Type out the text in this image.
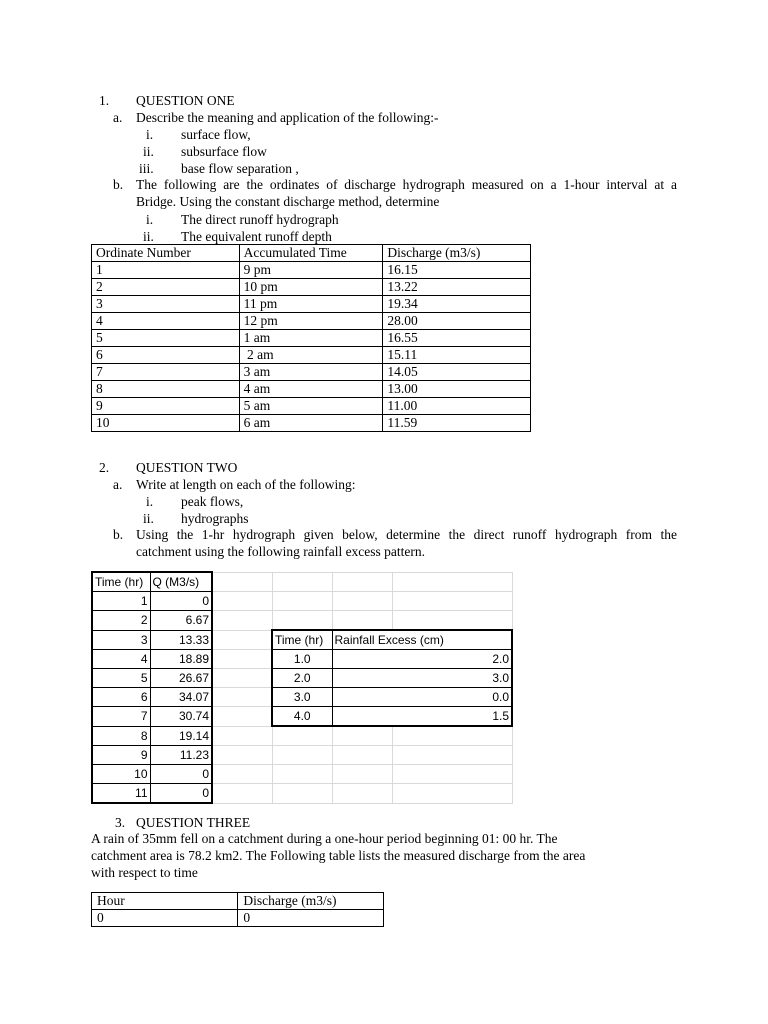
1. QUESTION ONE
a. Describe the meaning and application of the following:-
i. surface flow,
ii. subsurface flow
iii. base flow separation ,
b. The following are the ordinates of discharge hydrograph measured on a 1-hour interval at a
Bridge. Using the constant discharge method, determine
i. The direct runoff hydrograph
ii. The equivalent runoff depth
Ordinate Number	Accumulated Time	Discharge (m3/s)
1	9 pm	16.15
2	10 pm	13.22
3	11 pm	19.34
4	12 pm	28.00
5	1 am	16.55
6	2 am	15.11
7	3 am	14.05
8	4 am	13.00
9	5 am	11.00
10	6 am	11.59
2. QUESTION TWO
a. Write at length on each of the following:
i. peak flows,
ii. hydrographs
b. Using the 1-hr hydrograph given below, determine the direct runoff hydrograph from the
catchment using the following rainfall excess pattern.
Time (hr)	Q (M3/s)				
1	0				
2	6.67				
3	13.33		Time (hr)	Rainfall Excess (cm)	
4	18.89		1.0	2.0	
5	26.67		2.0	3.0	
6	34.07		3.0	0.0	
7	30.74		4.0	1.5	
8	19.14				
9	11.23				
10	0				
11	0				
3. QUESTION THREE
A rain of 35mm fell on a catchment during a one-hour period beginning 01: 00 hr. The
catchment area is 78.2 km2. The Following table lists the measured discharge from the area
with respect to time
Hour	Discharge (m3/s)
0	0
